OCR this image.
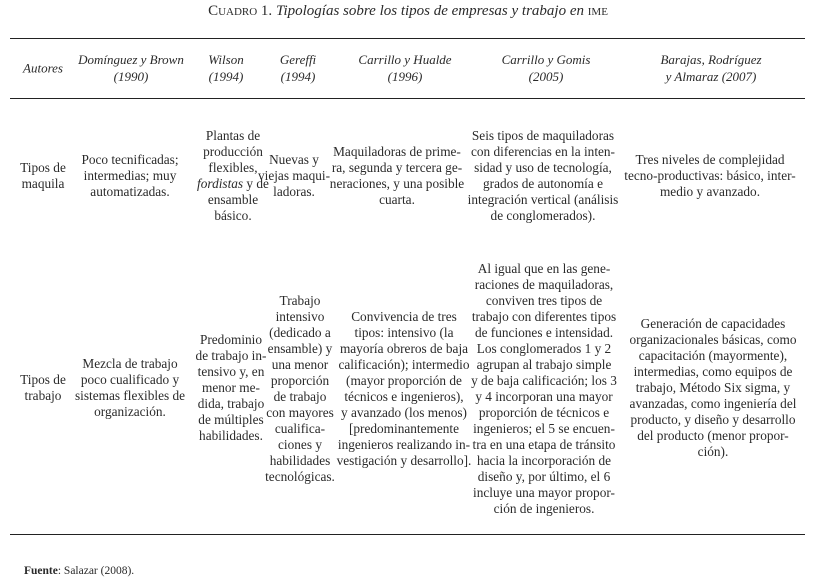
Cuadro 1. Tipologías sobre los tipos de empresas y trabajo en ime
Autores
Domínguez y Brown
(1990)
Wilson
(1994)
Gereffi
(1994)
Carrillo y Hualde
(1996)
Carrillo y Gomis
(2005)
Barajas, Rodríguez
y Almaraz (2007)
Tipos de
maquila
Poco tecnificadas;
intermedias; muy
automatizadas.
Plantas de
producción
flexibles,
fordistas y de
ensamble
básico.
Nuevas y
viejas maqui-
ladoras.
Maquiladoras de prime-
ra, segunda y tercera ge-
neraciones, y una posible
cuarta.
Seis tipos de maquiladoras
con diferencias en la inten-
sidad y uso de tecnología,
grados de autonomía e
integración vertical (análisis
de conglomerados).
Tres niveles de complejidad
tecno-productivas: básico, inter-
medio y avanzado.
Tipos de
trabajo
Mezcla de trabajo
poco cualificado y
sistemas flexibles de
organización.
Predominio
de trabajo in-
tensivo y, en
menor me-
dida, trabajo
de múltiples
habilidades.
Trabajo
intensivo
(dedicado a
ensamble) y
una menor
proporción
de trabajo
con mayores
cualifica-
ciones y
habilidades
tecnológicas.
Convivencia de tres
tipos: intensivo (la
mayoría obreros de baja
calificación); intermedio
(mayor proporción de
técnicos e ingenieros),
y avanzado (los menos)
[predominantemente
ingenieros realizando in-
vestigación y desarrollo].
Al igual que en las gene-
raciones de maquiladoras,
conviven tres tipos de
trabajo con diferentes tipos
de funciones e intensidad.
Los conglomerados 1 y 2
agrupan al trabajo simple
y de baja calificación; los 3
y 4 incorporan una mayor
proporción de técnicos e
ingenieros; el 5 se encuen-
tra en una etapa de tránsito
hacia la incorporación de
diseño y, por último, el 6
incluye una mayor propor-
ción de ingenieros.
Generación de capacidades
organizacionales básicas, como
capacitación (mayormente),
intermedias, como equipos de
trabajo, Método Six sigma, y
avanzadas, como ingeniería del
producto, y diseño y desarrollo
del producto (menor propor-
ción).
Fuente: Salazar (2008).
